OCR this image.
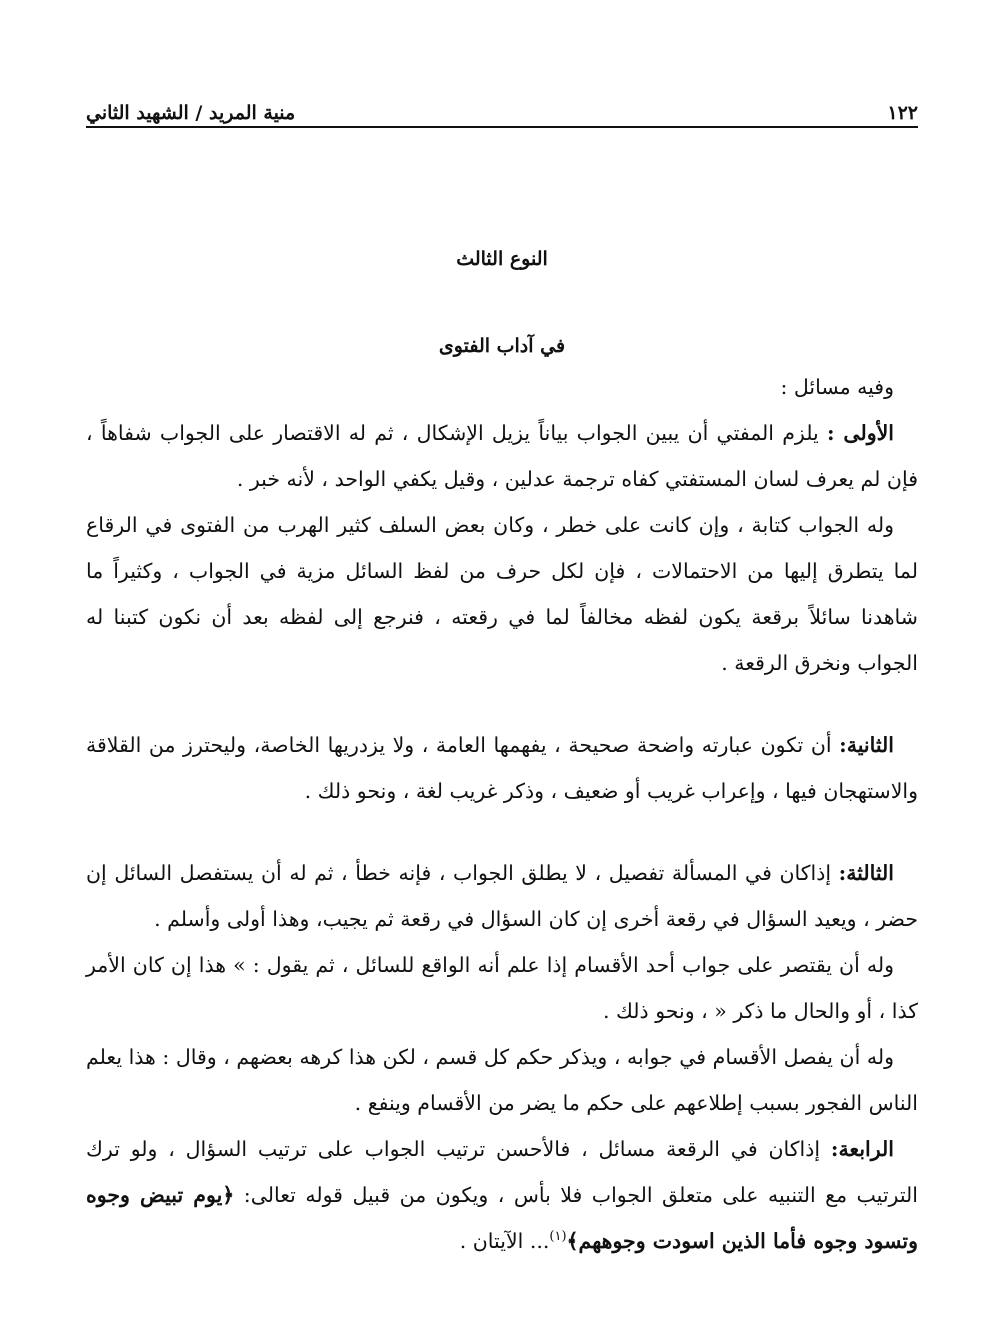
١٢٢
منية المريد / الشهيد الثاني
النوع الثالث
في آداب الفتوى

وفيه مسائل :

الأولى : يلزم المفتي أن يبين الجواب بياناً يزيل الإشكال ، ثم له الاقتصار على الجواب شفاهاً ، فإن لم يعرف لسان المستفتي كفاه ترجمة عدلين ، وقيل يكفي الواحد ، لأنه خبر .

وله الجواب كتابة ، وإن كانت على خطر ، وكان بعض السلف كثير الهرب من الفتوى في الرقاع لما يتطرق إليها من الاحتمالات ، فإن لكل حرف من لفظ السائل مزية في الجواب ، وكثيراً ما شاهدنا سائلاً برقعة يكون لفظه مخالفاً لما في رقعته ، فنرجع إلى لفظه بعد أن نكون كتبنا له الجواب ونخرق الرقعة .

الثانية: أن تكون عبارته واضحة صحيحة ، يفهمها العامة ، ولا يزدريها الخاصة، وليحترز من القلاقة والاستهجان فيها ، وإعراب غريب أو ضعيف ، وذكر غريب لغة ، ونحو ذلك .

الثالثة: إذاكان في المسألة تفصيل ، لا يطلق الجواب ، فإنه خطأ ، ثم له أن يستفصل السائل إن حضر ، ويعيد السؤال في رقعة أخرى إن كان السؤال في رقعة ثم يجيب، وهذا أولى وأسلم .

وله أن يقتصر على جواب أحد الأقسام إذا علم أنه الواقع للسائل ، ثم يقول : » هذا إن كان الأمر كذا ، أو والحال ما ذكر « ، ونحو ذلك .

وله أن يفصل الأقسام في جوابه ، ويذكر حكم كل قسم ، لكن هذا كرهه بعضهم ، وقال : هذا يعلم الناس الفجور بسبب إطلاعهم على حكم ما يضر من الأقسام وينفع .

الرابعة: إذاكان في الرقعة مسائل ، فالأحسن ترتيب الجواب على ترتيب السؤال ، ولو ترك الترتيب مع التنبيه على متعلق الجواب فلا بأس ، ويكون من قبيل قوله تعالى: ﴿يوم تبيض وجوه وتسود وجوه فأما الذين اسودت وجوههم﴾$^{(١)}$... الآيتان .
